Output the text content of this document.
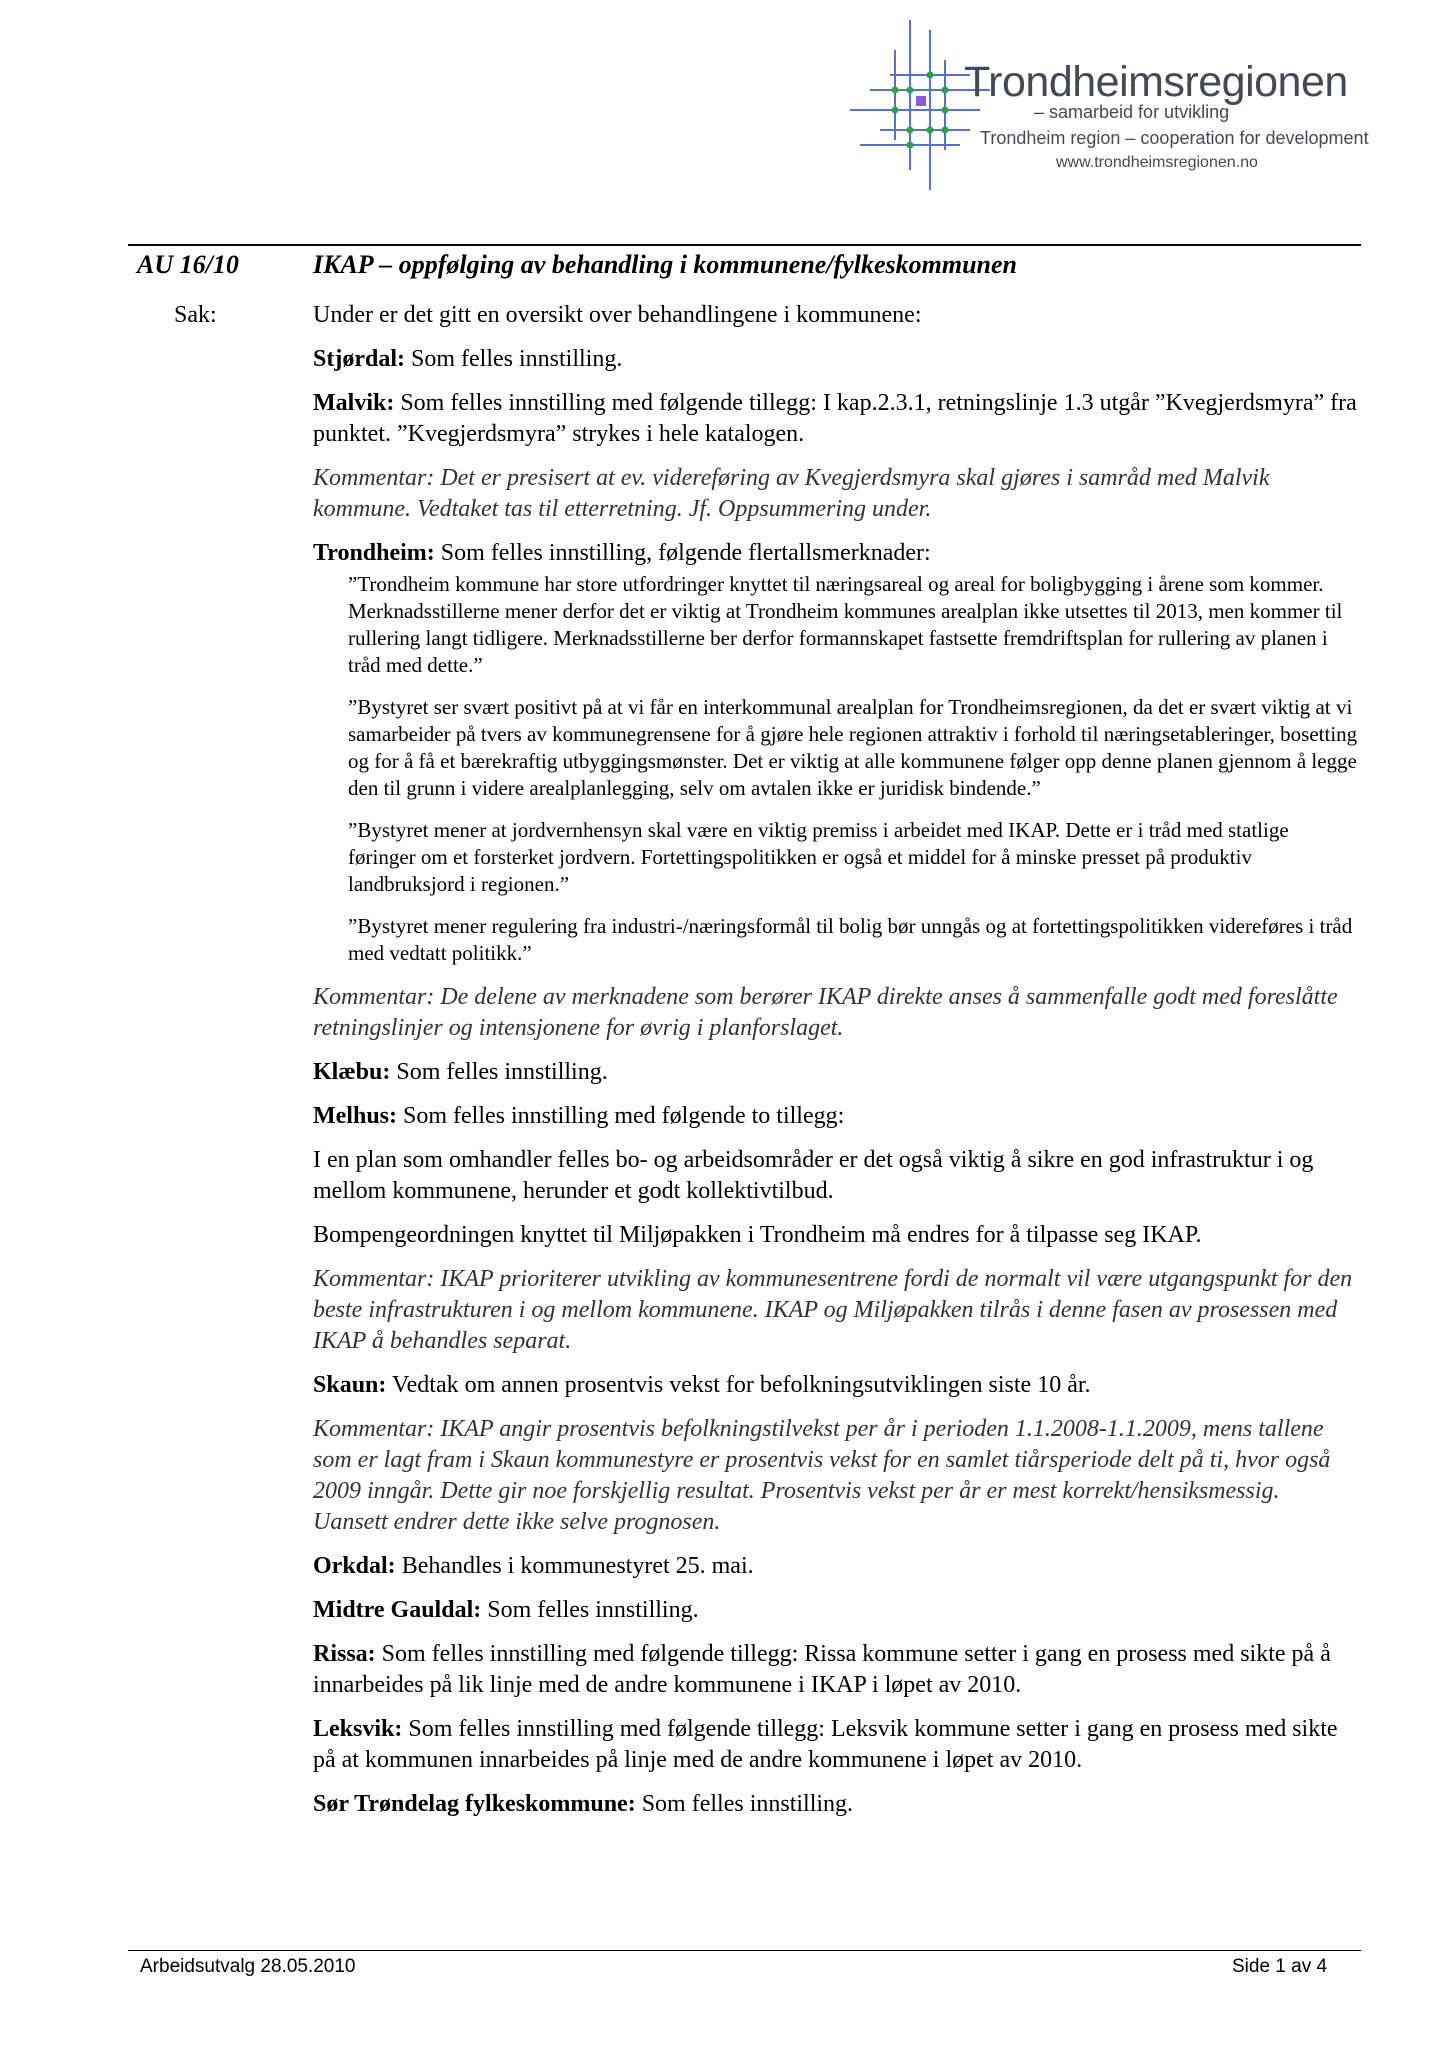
Trondheimsregionen
– samarbeid for utvikling
Trondheim region – cooperation for development
www.trondheimsregionen.no
AU 16/10	IKAP – oppfølging av behandling i kommunene/fylkeskommunen
Sak:	Under er det gitt en oversikt over behandlingene i kommunene:
Stjørdal: Som felles innstilling.
Malvik: Som felles innstilling med følgende tillegg: I kap.2.3.1, retningslinje 1.3 utgår ”Kvegjerdsmyra” fra punktet. ”Kvegjerdsmyra” strykes i hele katalogen.
Kommentar: Det er presisert at ev. videreføring av Kvegjerdsmyra skal gjøres i samråd med Malvik kommune. Vedtaket tas til etterretning. Jf. Oppsummering under.
Trondheim: Som felles innstilling, følgende flertallsmerknader:
”Trondheim kommune har store utfordringer knyttet til næringsareal og areal for boligbygging i årene som kommer. Merknadsstillerne mener derfor det er viktig at Trondheim kommunes arealplan ikke utsettes til 2013, men kommer til rullering langt tidligere. Merknadsstillerne ber derfor formannskapet fastsette fremdriftsplan for rullering av planen i tråd med dette.”
”Bystyret ser svært positivt på at vi får en interkommunal arealplan for Trondheimsregionen, da det er svært viktig at vi samarbeider på tvers av kommunegrensene for å gjøre hele regionen attraktiv i forhold til næringsetableringer, bosetting og for å få et bærekraftig utbyggingsmønster. Det er viktig at alle kommunene følger opp denne planen gjennom å legge den til grunn i videre arealplanlegging, selv om avtalen ikke er juridisk bindende.”
”Bystyret mener at jordvernhensyn skal være en viktig premiss i arbeidet med IKAP. Dette er i tråd med statlige føringer om et forsterket jordvern. Fortettingspolitikken er også et middel for å minske presset på produktiv landbruksjord i regionen.”
”Bystyret mener regulering fra industri-/næringsformål til bolig bør unngås og at fortettingspolitikken videreføres i tråd med vedtatt politikk.”
Kommentar: De delene av merknadene som berører IKAP direkte anses å sammenfalle godt med foreslåtte retningslinjer og intensjonene for øvrig i planforslaget.
Klæbu: Som felles innstilling.
Melhus: Som felles innstilling med følgende to tillegg:
I en plan som omhandler felles bo- og arbeidsområder er det også viktig å sikre en god infrastruktur i og mellom kommunene, herunder et godt kollektivtilbud.
Bompengeordningen knyttet til Miljøpakken i Trondheim må endres for å tilpasse seg IKAP.
Kommentar: IKAP prioriterer utvikling av kommunesentrene fordi de normalt vil være utgangspunkt for den beste infrastrukturen i og mellom kommunene. IKAP og Miljøpakken tilrås i denne fasen av prosessen med IKAP å behandles separat.
Skaun: Vedtak om annen prosentvis vekst for befolkningsutviklingen siste 10 år.
Kommentar: IKAP angir prosentvis befolkningstilvekst per år i perioden 1.1.2008-1.1.2009, mens tallene som er lagt fram i Skaun kommunestyre er prosentvis vekst for en samlet tiårsperiode delt på ti, hvor også 2009 inngår. Dette gir noe forskjellig resultat. Prosentvis vekst per år er mest korrekt/hensiksmessig. Uansett endrer dette ikke selve prognosen.
Orkdal: Behandles i kommunestyret 25. mai.
Midtre Gauldal: Som felles innstilling.
Rissa: Som felles innstilling med følgende tillegg: Rissa kommune setter i gang en prosess med sikte på å innarbeides på lik linje med de andre kommunene i IKAP i løpet av 2010.
Leksvik: Som felles innstilling med følgende tillegg: Leksvik kommune setter i gang en prosess med sikte på at kommunen innarbeides på linje med de andre kommunene i løpet av 2010.
Sør Trøndelag fylkeskommune: Som felles innstilling.
Arbeidsutvalg 28.05.2010	Side 1 av 4
